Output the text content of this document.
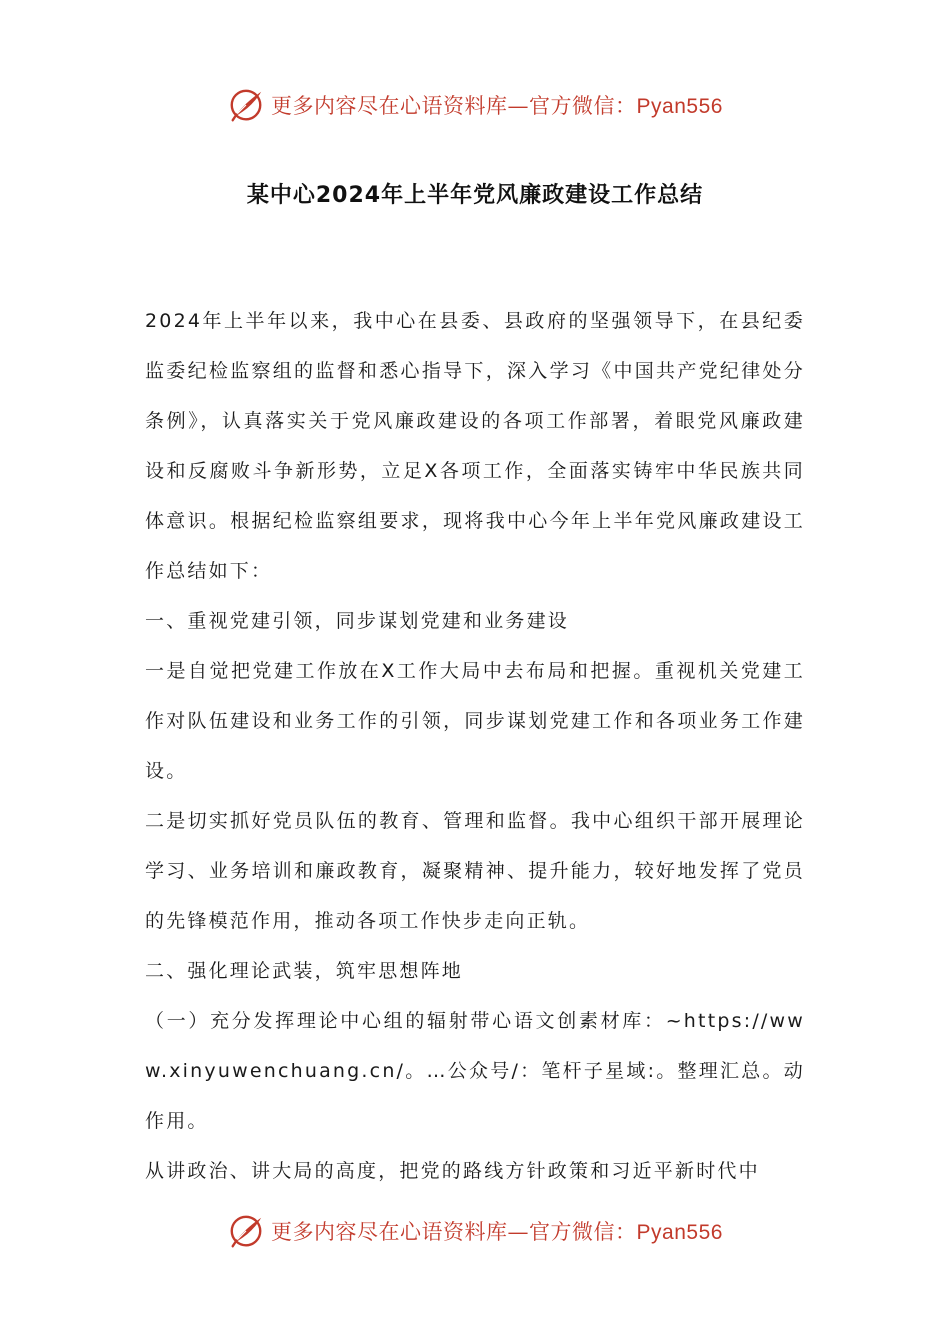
更多内容尽在心语资料库—官方微信：Pyan556
某中心2024年上半年党风廉政建设工作总结

2024年上半年以来，我中心在县委、县政府的坚强领导下，在县纪委监委纪检监察组的监督和悉心指导下，深入学习《中国共产党纪律处分条例》，认真落实关于党风廉政建设的各项工作部署，着眼党风廉政建设和反腐败斗争新形势，立足X各项工作，全面落实铸牢中华民族共同体意识。根据纪检监察组要求，现将我中心今年上半年党风廉政建设工作总结如下：

一、重视党建引领，同步谋划党建和业务建设

一是自觉把党建工作放在X工作大局中去布局和把握。重视机关党建工作对队伍建设和业务工作的引领，同步谋划党建工作和各项业务工作建设。

二是切实抓好党员队伍的教育、管理和监督。我中心组织干部开展理论学习、业务培训和廉政教育，凝聚精神、提升能力，较好地发挥了党员的先锋模范作用，推动各项工作快步走向正轨。

二、强化理论武装，筑牢思想阵地

（一）充分发挥理论中心组的辐射带心语文创素材库：~https://www.xinyuwenchuang.cn/。…公众号/：笔杆子星域:。整理汇总。动作用。

从讲政治、讲大局的高度，把党的路线方针政策和习近平新时代中

更多内容尽在心语资料库—官方微信：Pyan556
